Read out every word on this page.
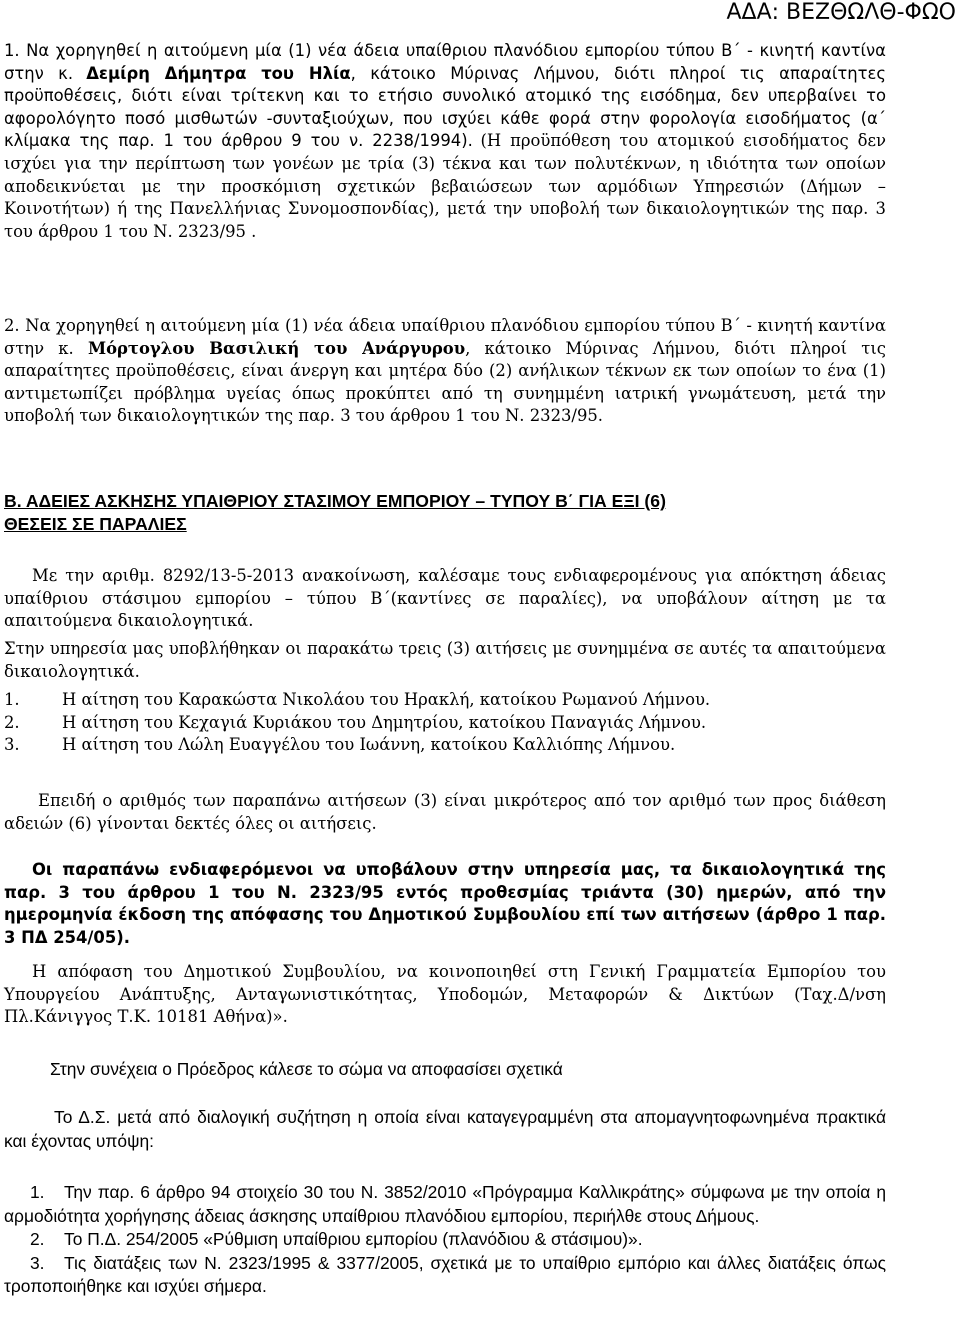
ΑΔΑ: ΒΕΖΘΩΛΘ-ΦΩΟ

1. Να χορηγηθεί η αιτούμενη μία (1) νέα άδεια υπαίθριου πλανόδιου εμπορίου τύπου Β΄ - κινητή καντίνα στην κ. Δεμίρη Δήμητρα του Ηλία, κάτοικο Μύρινας Λήμνου, διότι πληροί τις απαραίτητες προϋποθέσεις, διότι είναι τρίτεκνη και το ετήσιο συνολικό ατομικό της εισόδημα, δεν υπερβαίνει το αφορολόγητο ποσό μισθωτών -συνταξιούχων, που ισχύει κάθε φορά στην φορολογία εισοδήματος (α΄ κλίμακα της παρ. 1 του άρθρου 9 του ν. 2238/1994). (Η προϋπόθεση του ατομικού εισοδήματος δεν ισχύει για την περίπτωση των γονέων με τρία (3) τέκνα και των πολυτέκνων, η ιδιότητα των οποίων αποδεικνύεται με την προσκόμιση σχετικών βεβαιώσεων των αρμόδιων Υπηρεσιών (Δήμων – Κοινοτήτων) ή της Πανελλήνιας Συνομοσπονδίας), μετά την υποβολή των δικαιολογητικών της παρ. 3 του άρθρου 1 του Ν. 2323/95 .

2. Να χορηγηθεί η αιτούμενη μία (1) νέα άδεια υπαίθριου πλανόδιου εμπορίου τύπου Β΄ - κινητή καντίνα στην κ. Μόρτογλου Βασιλική του Ανάργυρου, κάτοικο Μύρινας Λήμνου, διότι πληροί τις απαραίτητες προϋποθέσεις, είναι άνεργη και μητέρα δύο (2) ανήλικων τέκνων εκ των οποίων το ένα (1) αντιμετωπίζει πρόβλημα υγείας όπως προκύπτει από τη συνημμένη ιατρική γνωμάτευση, μετά την υποβολή των δικαιολογητικών της παρ. 3 του άρθρου 1 του Ν. 2323/95.

Β. ΑΔΕΙΕΣ ΑΣΚΗΣΗΣ ΥΠΑΙΘΡΙΟΥ ΣΤΑΣΙΜΟΥ ΕΜΠΟΡΙΟΥ – ΤΥΠΟΥ Β΄ ΓΙΑ ΕΞΙ (6)
ΘΕΣΕΙΣ ΣΕ ΠΑΡΑΛΙΕΣ

Με την αριθμ. 8292/13-5-2013 ανακοίνωση, καλέσαμε τους ενδιαφερομένους για απόκτηση άδειας υπαίθριου στάσιμου εμπορίου – τύπου Β΄(καντίνες σε παραλίες), να υποβάλουν αίτηση με τα απαιτούμενα δικαιολογητικά.

Στην υπηρεσία μας υποβλήθηκαν οι παρακάτω τρεις (3) αιτήσεις με συνημμένα σε αυτές τα απαιτούμενα δικαιολογητικά.

1.	Η αίτηση του Καρακώστα Νικολάου του Ηρακλή, κατοίκου Ρωμανού Λήμνου.
2.	Η αίτηση του Κεχαγιά Κυριάκου του Δημητρίου, κατοίκου Παναγιάς Λήμνου.
3.	Η αίτηση του Λώλη Ευαγγέλου του Ιωάννη, κατοίκου Καλλιόπης Λήμνου.

Επειδή ο αριθμός των παραπάνω αιτήσεων (3) είναι μικρότερος από τον αριθμό των προς διάθεση αδειών (6) γίνονται δεκτές όλες οι αιτήσεις.

Οι παραπάνω ενδιαφερόμενοι να υποβάλουν στην υπηρεσία μας, τα δικαιολογητικά της παρ. 3 του άρθρου 1 του Ν. 2323/95 εντός προθεσμίας τριάντα (30) ημερών, από την ημερομηνία έκδοση της απόφασης του Δημοτικού Συμβουλίου επί των αιτήσεων (άρθρο 1 παρ. 3 ΠΔ 254/05).

Η απόφαση του Δημοτικού Συμβουλίου, να κοινοποιηθεί στη Γενική Γραμματεία Εμπορίου του Υπουργείου Ανάπτυξης, Ανταγωνιστικότητας, Υποδομών, Μεταφορών & Δικτύων (Ταχ.Δ/νση Πλ.Κάνιγγος Τ.Κ. 10181 Αθήνα)».

Στην συνέχεια ο Πρόεδρος κάλεσε το σώμα να αποφασίσει σχετικά

Το Δ.Σ. μετά από διαλογική συζήτηση η οποία είναι καταγεγραμμένη στα απομαγνητοφωνημένα πρακτικά και έχοντας υπόψη:

1. Την παρ. 6 άρθρο 94 στοιχείο 30 του Ν. 3852/2010 «Πρόγραμμα Καλλικράτης» σύμφωνα με την οποία η αρμοδιότητα χορήγησης άδειας άσκησης υπαίθριου πλανόδιου εμπορίου, περιήλθε στους Δήμους.
2. Το Π.Δ. 254/2005 «Ρύθμιση υπαίθριου εμπορίου (πλανόδιου & στάσιμου)».
3. Τις διατάξεις των Ν. 2323/1995 & 3377/2005, σχετικά με το υπαίθριο εμπόριο και άλλες διατάξεις όπως τροποποιήθηκε και ισχύει σήμερα.
